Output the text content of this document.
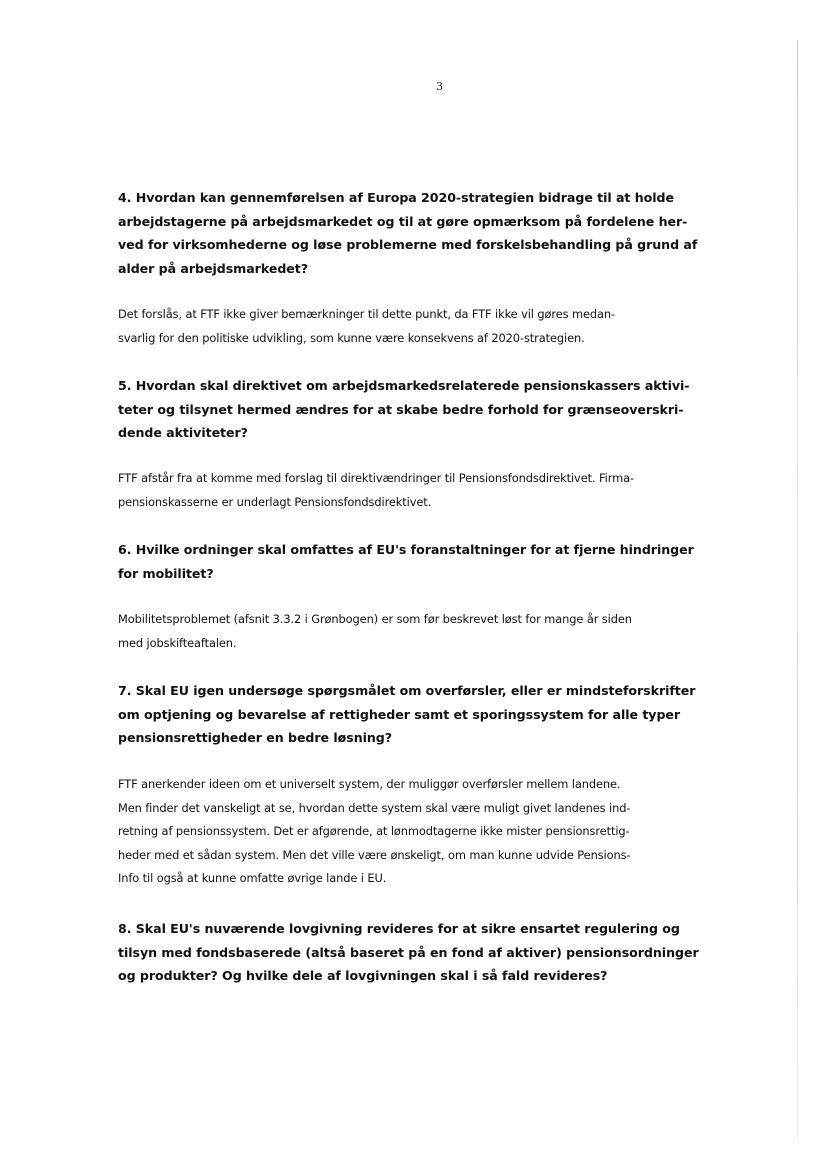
3

4. Hvordan kan gennemførelsen af Europa 2020-strategien bidrage til at holde
arbejdstagerne på arbejdsmarkedet og til at gøre opmærksom på fordelene her-
ved for virksomhederne og løse problemerne med forskelsbehandling på grund af
alder på arbejdsmarkedet?

Det forslås, at FTF ikke giver bemærkninger til dette punkt, da FTF ikke vil gøres medan-
svarlig for den politiske udvikling, som kunne være konsekvens af 2020-strategien.

5. Hvordan skal direktivet om arbejdsmarkedsrelaterede pensionskassers aktivi-
teter og tilsynet hermed ændres for at skabe bedre forhold for grænseoverskri-
dende aktiviteter?

FTF afstår fra at komme med forslag til direktivændringer til Pensionsfondsdirektivet. Firma-
pensionskasserne er underlagt Pensionsfondsdirektivet.

6. Hvilke ordninger skal omfattes af EU's foranstaltninger for at fjerne hindringer
for mobilitet?

Mobilitetsproblemet (afsnit 3.3.2 i Grønbogen) er som før beskrevet løst for mange år siden
med jobskifteaftalen.

7. Skal EU igen undersøge spørgsmålet om overførsler, eller er mindsteforskrifter
om optjening og bevarelse af rettigheder samt et sporingssystem for alle typer
pensionsrettigheder en bedre løsning?

FTF anerkender ideen om et universelt system, der muliggør overførsler mellem landene.
Men finder det vanskeligt at se, hvordan dette system skal være muligt givet landenes ind-
retning af pensionssystem. Det er afgørende, at lønmodtagerne ikke mister pensionsrettig-
heder med et sådan system. Men det ville være ønskeligt, om man kunne udvide Pensions-
Info til også at kunne omfatte øvrige lande i EU.

8. Skal EU's nuværende lovgivning revideres for at sikre ensartet regulering og
tilsyn med fondsbaserede (altså baseret på en fond af aktiver) pensionsordninger
og produkter? Og hvilke dele af lovgivningen skal i så fald revideres?
